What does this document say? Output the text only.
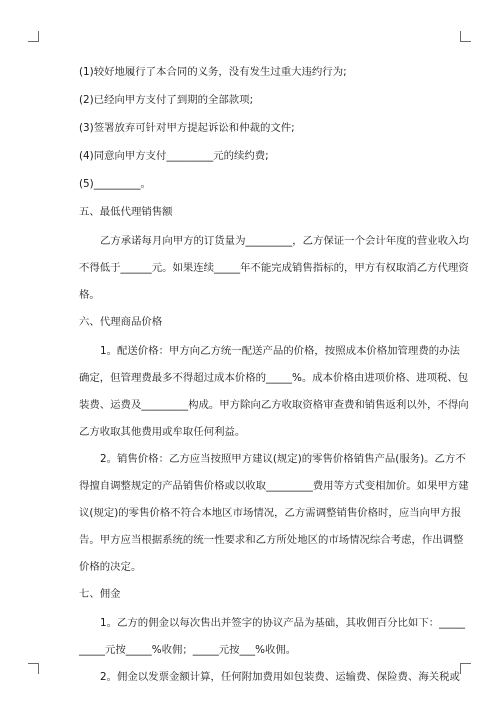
(1)较好地履行了本合同的义务，没有发生过重大违约行为;
(2)已经向甲方支付了到期的全部款项;
(3)签署放弃可针对甲方提起诉讼和仲裁的文件;
(4)同意向甲方支付_________元的续约费;
(5)_________。
五、最低代理销售额
乙方承诺每月向甲方的订货量为_________，乙方保证一个会计年度的营业收入均
不得低于______元。如果连续_____年不能完成销售指标的，甲方有权取消乙方代理资
格。
六、代理商品价格
1。配送价格：甲方向乙方统一配送产品的价格，按照成本价格加管理费的办法
确定，但管理费最多不得超过成本价格的_____%。成本价格由进项价格、进项税、包
装费、运费及_________构成。甲方除向乙方收取资格审查费和销售返利以外，不得向
乙方收取其他费用或牟取任何利益。
2。销售价格：乙方应当按照甲方建议(规定)的零售价格销售产品(服务)。乙方不
得擅自调整规定的产品销售价格或以收取_________费用等方式变相加价。如果甲方建
议(规定)的零售价格不符合本地区市场情况，乙方需调整销售价格时，应当向甲方报
告。甲方应当根据系统的统一性要求和乙方所处地区的市场情况综合考虑，作出调整
价格的决定。
七、佣金
1。乙方的佣金以每次售出并签字的协议产品为基础，其收佣百分比如下：_____
_____元按_____%收佣；_____元按___%收佣。
2。佣金以发票金额计算，任何附加费用如包装费、运输费、保险费、海关税或
